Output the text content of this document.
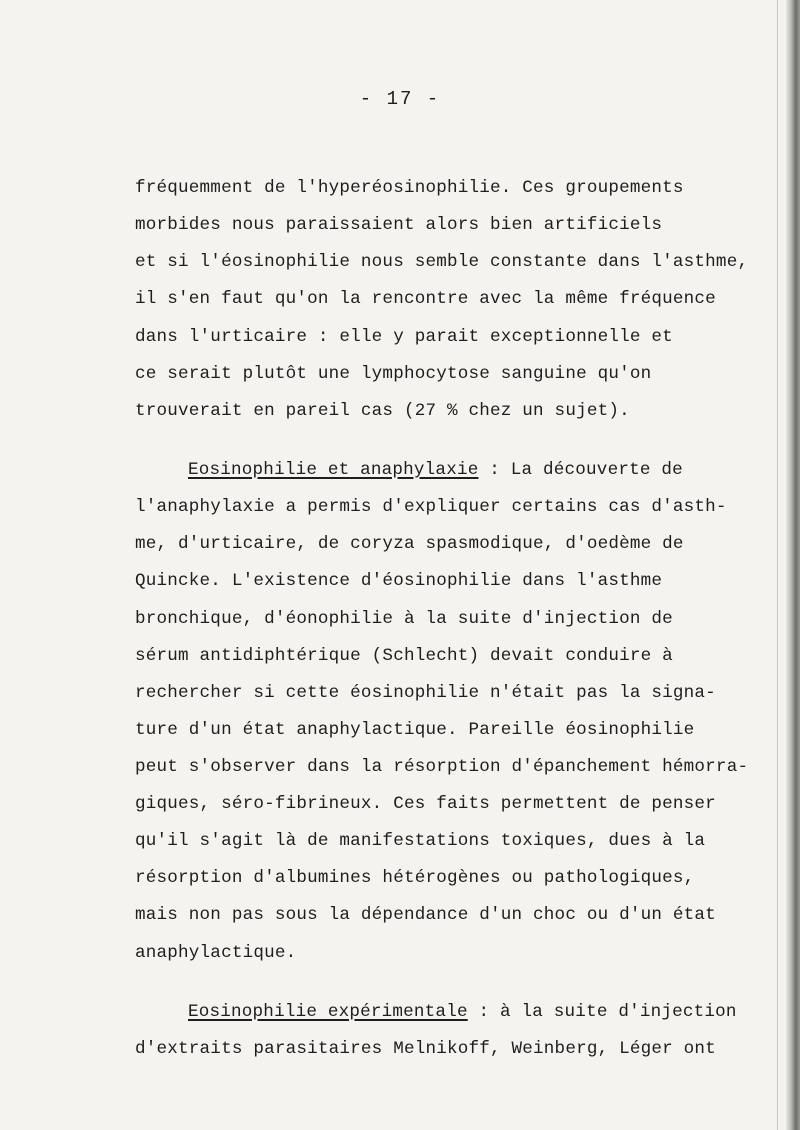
- 17 -
fréquemment de l'hyperéosinophilie. Ces groupements
morbides nous paraissaient alors bien artificiels
et si l'éosinophilie nous semble constante dans l'asthme,
il s'en faut qu'on la rencontre avec la même fréquence
dans l'urticaire : elle y parait exceptionnelle et
ce serait plutôt une lymphocytose sanguine qu'on
trouverait en pareil cas (27 % chez un sujet).
Eosinophilie et anaphylaxie : La découverte de
l'anaphylaxie a permis d'expliquer certains cas d'asth-
me, d'urticaire, de coryza spasmodique, d'oedème de
Quincke. L'existence d'éosinophilie dans l'asthme
bronchique, d'éonophilie à la suite d'injection de
sérum antidiphtérique (Schlecht) devait conduire à
rechercher si cette éosinophilie n'était pas la signa-
ture d'un état anaphylactique. Pareille éosinophilie
peut s'observer dans la résorption d'épanchement hémorra-
giques, séro-fibrineux. Ces faits permettent de penser
qu'il s'agit là de manifestations toxiques, dues à la
résorption d'albumines hétérogènes ou pathologiques,
mais non pas sous la dépendance d'un choc ou d'un état
anaphylactique.
Eosinophilie expérimentale : à la suite d'injection
d'extraits parasitaires Melnikoff, Weinberg, Léger ont
